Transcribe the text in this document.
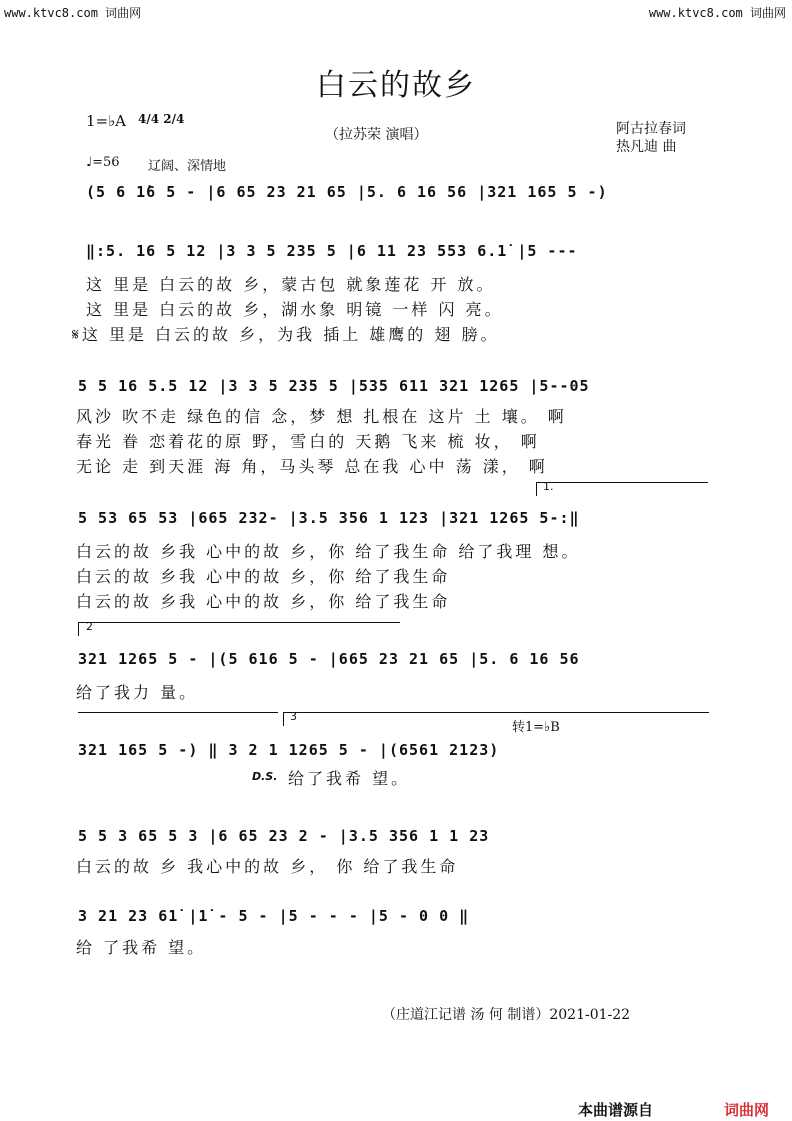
www.ktvc8.com 词曲网	www.ktvc8.com 词曲网
白云的故乡
1=♭A 4/4 2/4
（拉苏荣 演唱）	阿古拉春词
热凡迪 曲
♩=56 辽阔、深情地
(5 6 1̇6 5 - |6 65 23 21 65 |5. 6 16 56 |321 165 5 -)
‖:5. 16 5 12 |3 3 5 235 5 |6 11 23 553 6.1̇ |5 ---
这 里是 白云的故 乡，蒙古包 就象莲花 开 放。
这 里是 白云的故 乡，湖水象 明镜 一样 闪 亮。
𝄋这 里是 白云的故 乡，为我 插上 雄鹰的 翅 膀。
5 5 16 5.5 12 |3 3 5 235 5 |535 611 321 1265 |5--05
风沙 吹不走 绿色的信 念，梦 想 扎根在 这片 土 壤。 啊
春光 眷 恋着花的原 野，雪白的 天鹅 飞来 梳 妆， 啊
无论 走 到天涯 海 角，马头琴 总在我 心中 荡 漾， 啊
1.
5 53 65 53 |665 232- |3.5 356 1 123 |321 1265 5-:‖
白云的故 乡我 心中的故 乡，你 给了我生命 给了我理 想。
白云的故 乡我 心中的故 乡，你 给了我生命
白云的故 乡我 心中的故 乡，你 给了我生命
2
321 1265 5 - |(5 616 5 - |665 23 21 65 |5. 6 16 56
给了我力 量。
3
转1=♭B
321 165 5 -) ‖ 3 2 1 1265 5 - |(6561 2123)
D.S. 给了我希 望。
5 5 3 65 5 3 |6 65 23 2 - |3.5 356 1 1 23
白云的故 乡 我心中的故 乡， 你 给了我生命
3 21 23 61̇ |1̇ - 5 - |5 - - - |5 - 0 0 ‖
给 了我希 望。
（庄道江记谱 汤 何 制谱）2021-01-22
本曲谱源自	词曲网
